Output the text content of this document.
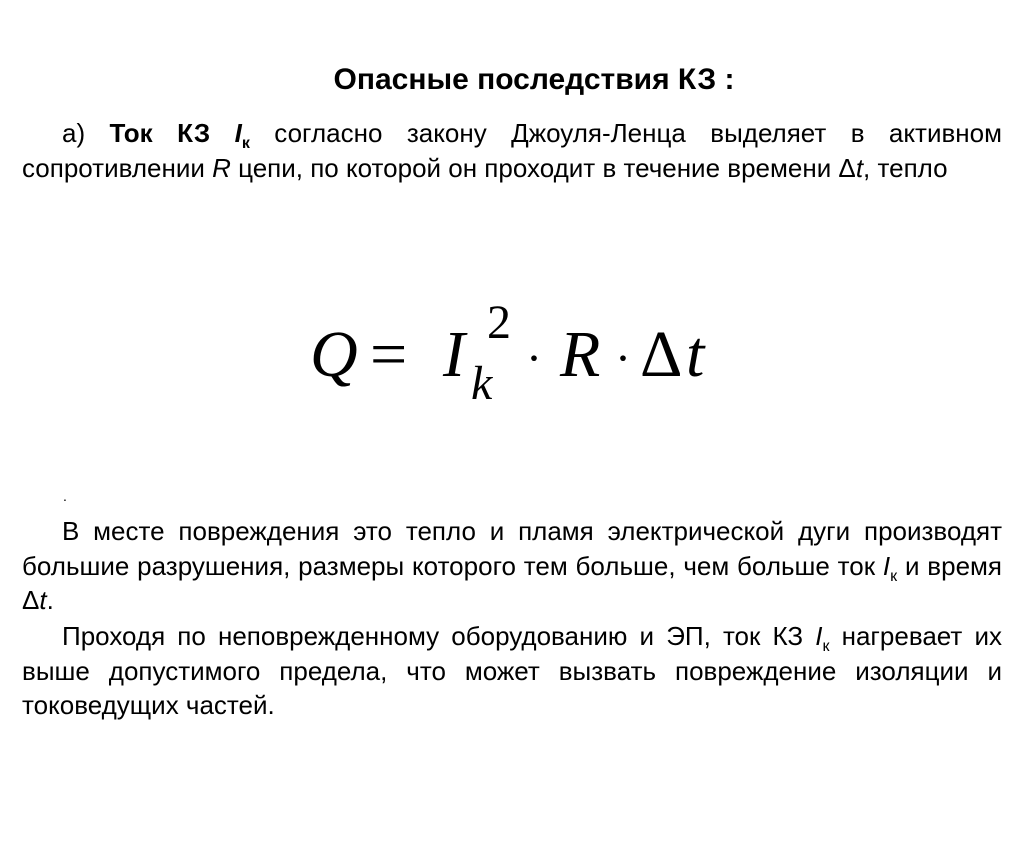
Опасные последствия КЗ :
а) Ток КЗ $I_к$ согласно закону Джоуля-Ленца выделяет в активном сопротивлении R цепи, по которой он проходит в течение времени Δt, тепло
Q = I 2
k · R · Δ t
.
В месте повреждения это тепло и пламя электрической дуги производят большие разрушения, размеры которого тем больше, чем больше ток $I_к$ и время Δt.
Проходя по неповрежденному оборудованию и ЭП, ток КЗ $I_к$ нагревает их выше допустимого предела, что может вызвать повреждение изоляции и токоведущих частей.
